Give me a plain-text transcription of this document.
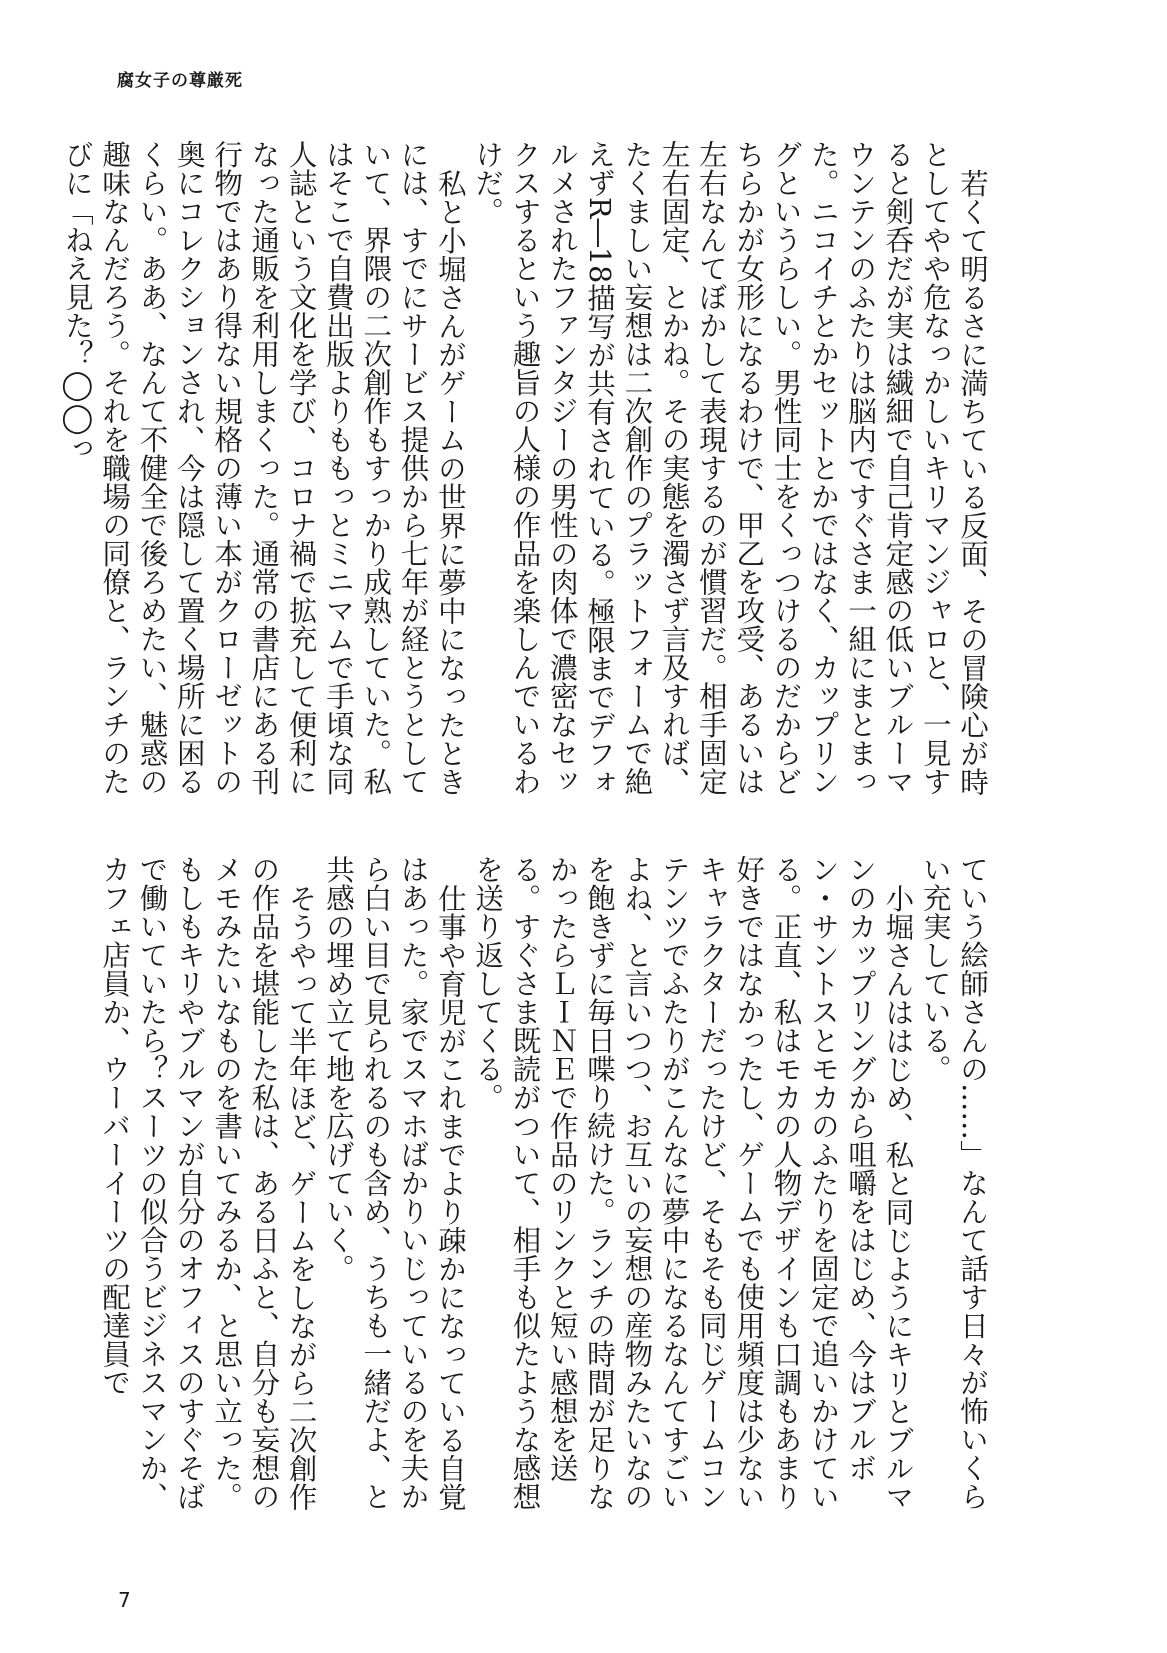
腐女子の尊厳死

若くて明るさに満ちている反面、その冒険心が時としてやや危なっかしいキリマンジャロと、一見すると剣呑だが実は繊細で自己肯定感の低いブルーマウンテンのふたりは脳内ですぐさま一組にまとまった。ニコイチとかセットとかではなく、カップリングというらしい。男性同士をくっつけるのだからどちらかが女形になるわけで、甲乙を攻受、あるいは左右なんてぼかして表現するのが慣習だ。相手固定左右固定、とかね。その実態を濁さず言及すれば、たくましい妄想は二次創作のプラットフォームで絶えずR―18描写が共有されている。極限までデフォルメされたファンタジーの男性の肉体で濃密なセックスするという趣旨の人様の作品を楽しんでいるわけだ。

私と小堀さんがゲームの世界に夢中になったときには、すでにサービス提供から七年が経とうとしていて、界隈の二次創作もすっかり成熟していた。私はそこで自費出版よりももっとミニマムで手頃な同人誌という文化を学び、コロナ禍で拡充して便利になった通販を利用しまくった。通常の書店にある刊行物ではあり得ない規格の薄い本がクローゼットの奥にコレクションされ、今は隠して置く場所に困るくらい。ああ、なんて不健全で後ろめたい、魅惑の趣味なんだろう。それを職場の同僚と、ランチのたびに「ねえ見た？◯◯っ

ていう絵師さんの……」なんて話す日々が怖いくらい充実している。

小堀さんははじめ、私と同じようにキリとブルマンのカップリングから咀嚼をはじめ、今はブルボン・サントスとモカのふたりを固定で追いかけている。正直、私はモカの人物デザインも口調もあまり好きではなかったし、ゲームでも使用頻度は少ないキャラクターだったけど、そもそも同じゲームコンテンツでふたりがこんなに夢中になるなんてすごいよね、と言いつつ、お互いの妄想の産物みたいなのを飽きずに毎日喋り続けた。ランチの時間が足りなかったらＬＩＮＥで作品のリンクと短い感想を送る。すぐさま既読がついて、相手も似たような感想を送り返してくる。

仕事や育児がこれまでより疎かになっている自覚はあった。家でスマホばかりいじっているのを夫から白い目で見られるのも含め、うちも一緒だよ、と共感の埋め立て地を広げていく。

そうやって半年ほど、ゲームをしながら二次創作の作品を堪能した私は、ある日ふと、自分も妄想のメモみたいなものを書いてみるか、と思い立った。もしもキリやブルマンが自分のオフィスのすぐそばで働いていたら？スーツの似合うビジネスマンか、カフェ店員か、ウーバーイーツの配達員で

7
